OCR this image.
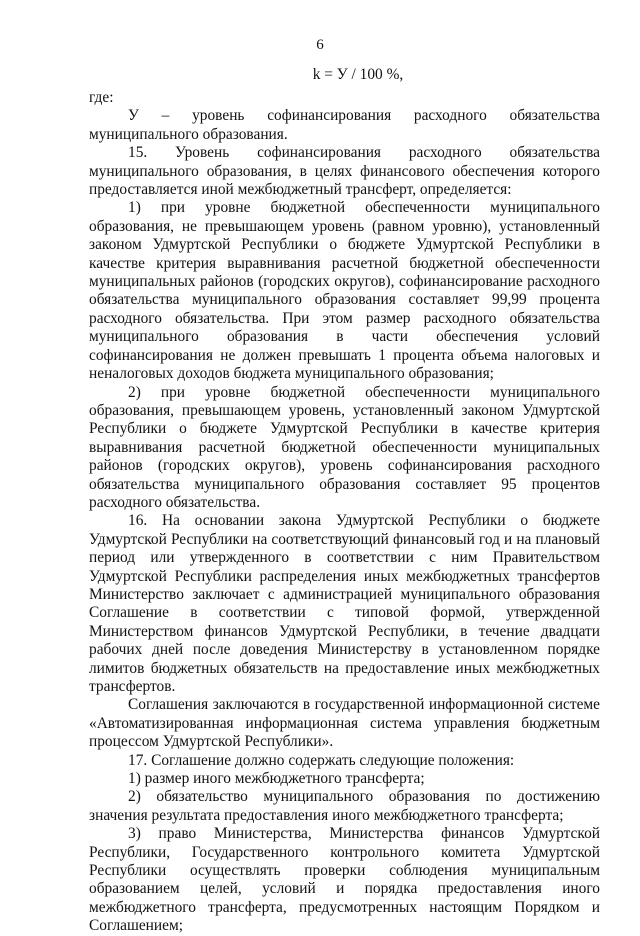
6
k = У / 100 %,

где:

У – уровень софинансирования расходного обязательства муниципального образования.

15. Уровень софинансирования расходного обязательства муниципального образования, в целях финансового обеспечения которого предоставляется иной межбюджетный трансферт, определяется:

1) при уровне бюджетной обеспеченности муниципального образования, не превышающем уровень (равном уровню), установленный законом Удмуртской Республики о бюджете Удмуртской Республики в качестве критерия выравнивания расчетной бюджетной обеспеченности муниципальных районов (городских округов), софинансирование расходного обязательства муниципального образования составляет 99,99 процента расходного обязательства. При этом размер расходного обязательства муниципального образования в части обеспечения условий софинансирования не должен превышать 1 процента объема налоговых и неналоговых доходов бюджета муниципального образования;

2) при уровне бюджетной обеспеченности муниципального образования, превышающем уровень, установленный законом Удмуртской Республики о бюджете Удмуртской Республики в качестве критерия выравнивания расчетной бюджетной обеспеченности муниципальных районов (городских округов), уровень софинансирования расходного обязательства муниципального образования составляет 95 процентов расходного обязательства.

16. На основании закона Удмуртской Республики о бюджете Удмуртской Республики на соответствующий финансовый год и на плановый период или утвержденного в соответствии с ним Правительством Удмуртской Республики распределения иных межбюджетных трансфертов Министерство заключает с администрацией муниципального образования Соглашение в соответствии с типовой формой, утвержденной Министерством финансов Удмуртской Республики, в течение двадцати рабочих дней после доведения Министерству в установленном порядке лимитов бюджетных обязательств на предоставление иных межбюджетных трансфертов.

Соглашения заключаются в государственной информационной системе «Автоматизированная информационная система управления бюджетным процессом Удмуртской Республики».

17. Соглашение должно содержать следующие положения:

1) размер иного межбюджетного трансферта;

2) обязательство муниципального образования по достижению значения результата предоставления иного межбюджетного трансферта;

3) право Министерства, Министерства финансов Удмуртской Республики, Государственного контрольного комитета Удмуртской Республики осуществлять проверки соблюдения муниципальным образованием целей, условий и порядка предоставления иного межбюджетного трансферта, предусмотренных настоящим Порядком и Соглашением;
